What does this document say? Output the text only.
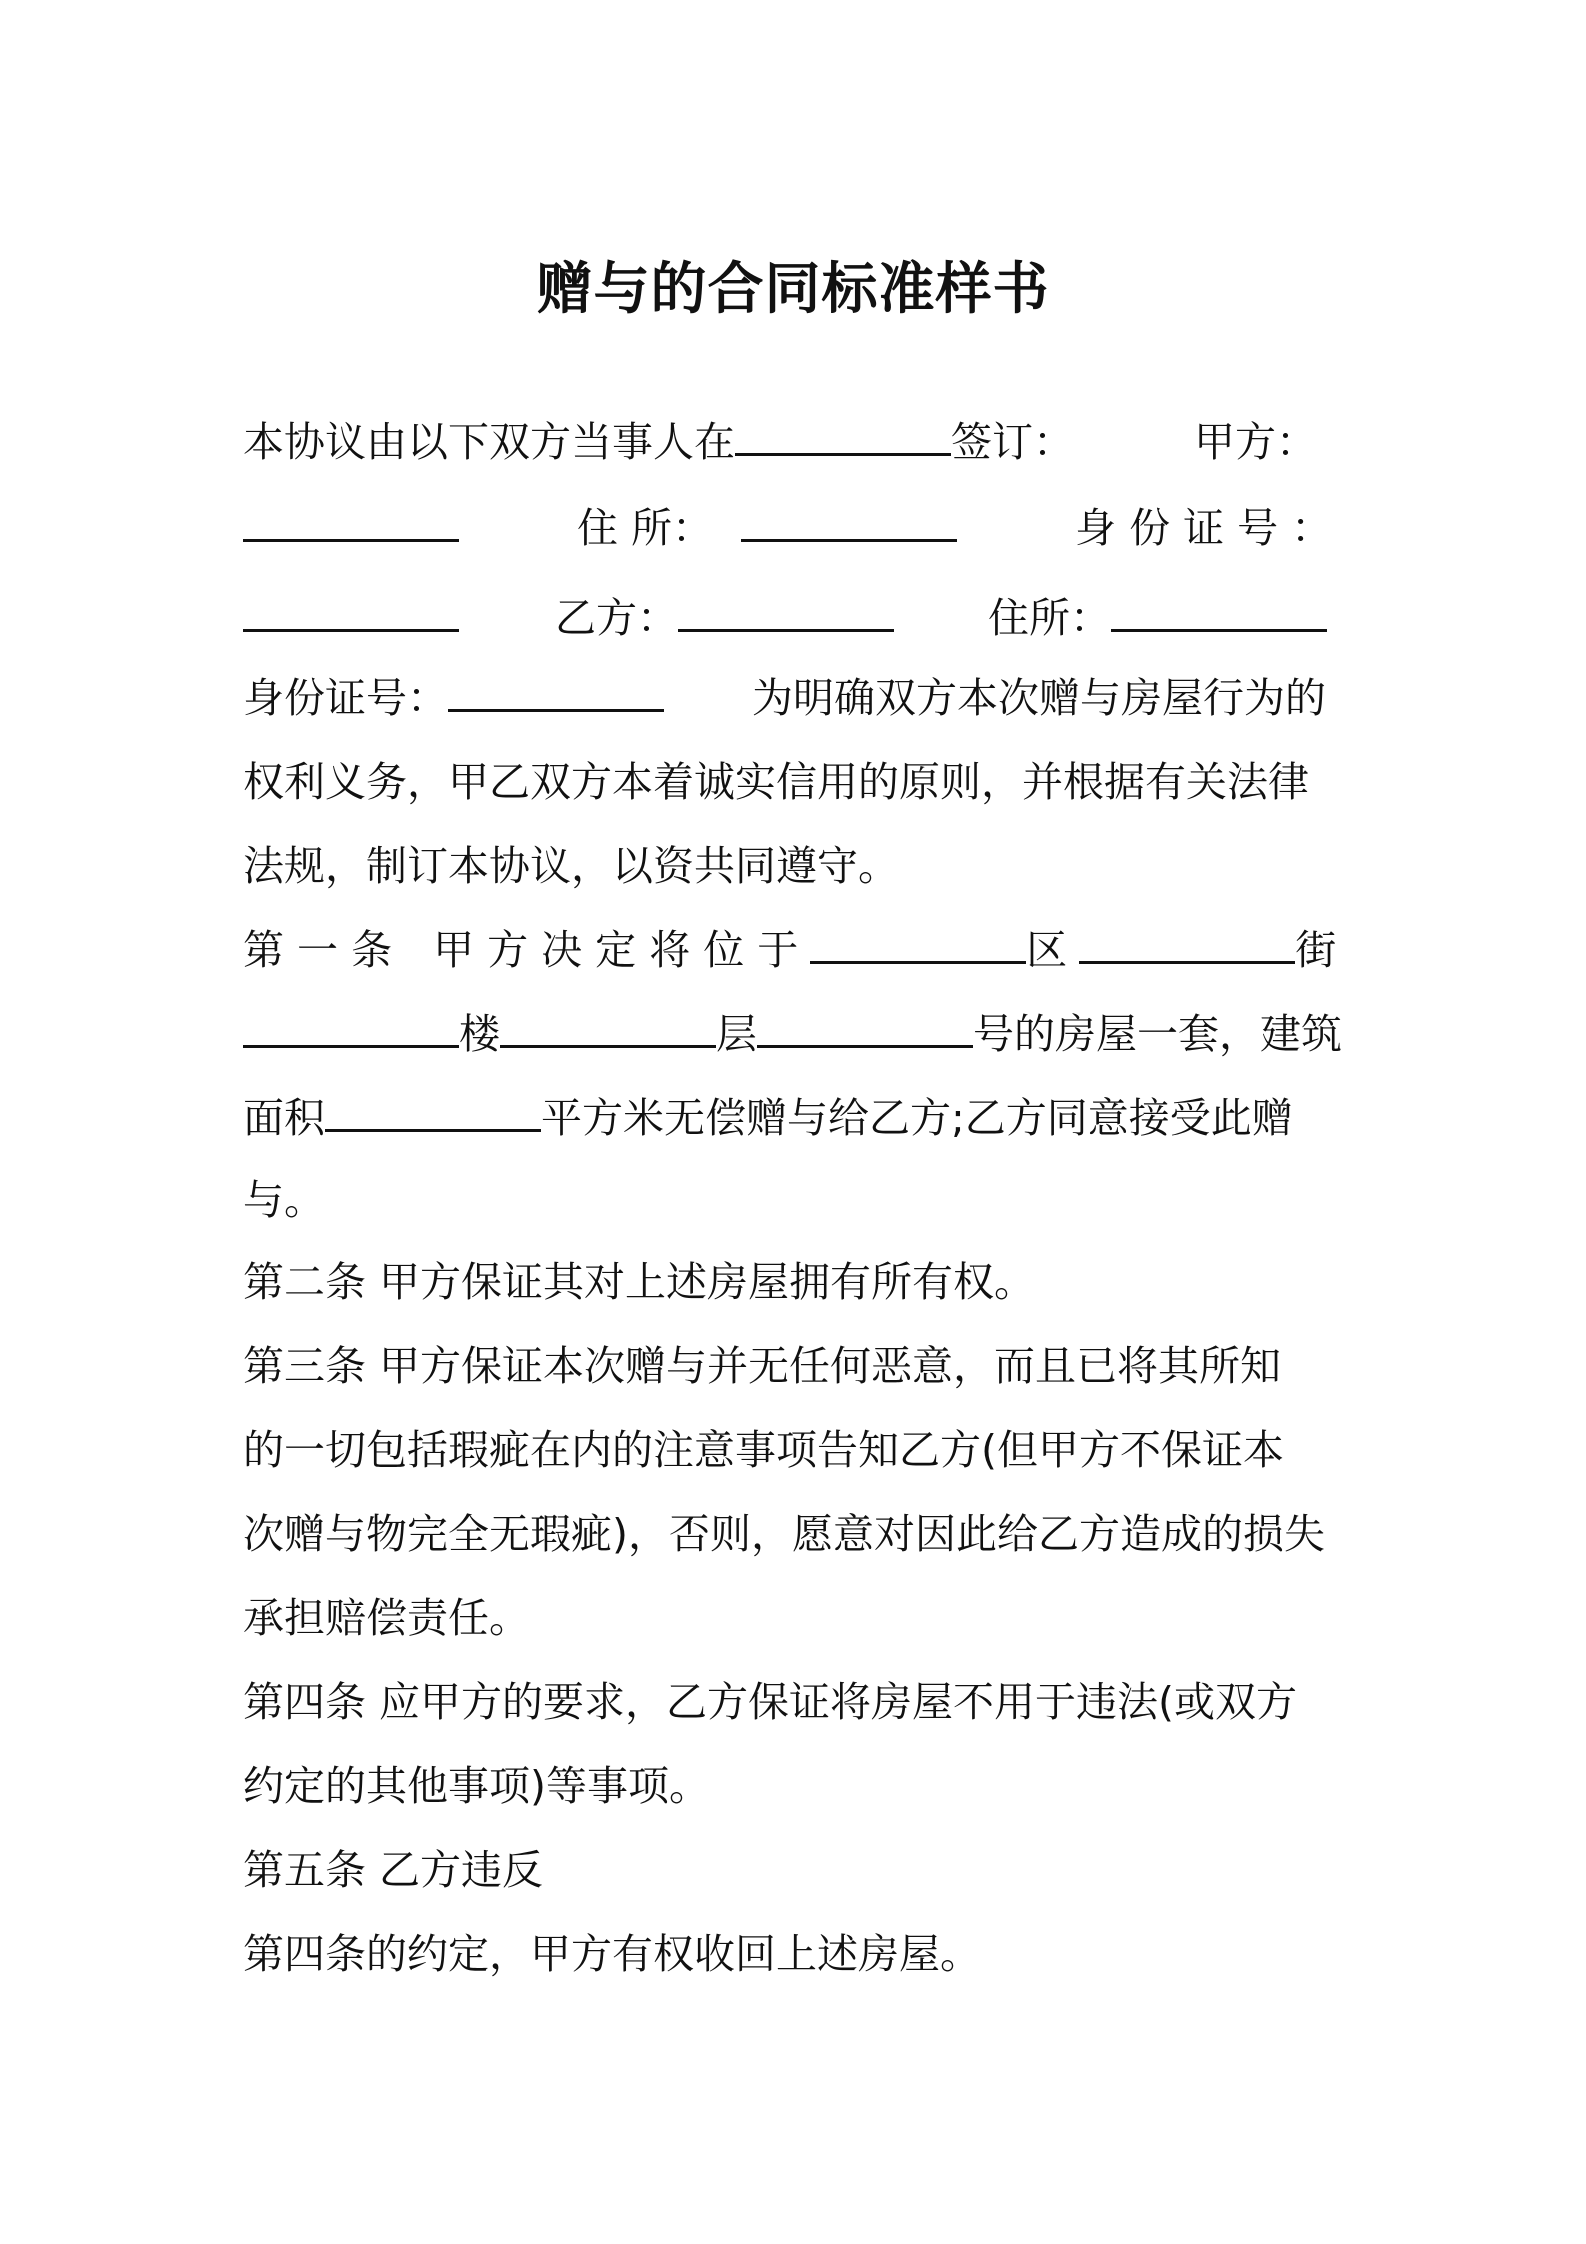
赠与的合同标准样书
本协议由以下双方当事人在	签订：	甲方：
住 所：	身 份 证 号 ：
乙方：	住所：
身份证号：	为明确双方本次赠与房屋行为的
权利义务，甲乙双方本着诚实信用的原则，并根据有关法律
法规，制订本协议，以资共同遵守。
第 一 条　甲 方 决 定 将 位 于	区	街
楼	层	号的房屋一套，建筑
面积	平方米无偿赠与给乙方;乙方同意接受此赠
与。
第二条 甲方保证其对上述房屋拥有所有权。
第三条 甲方保证本次赠与并无任何恶意，而且已将其所知
的一切包括瑕疵在内的注意事项告知乙方(但甲方不保证本
次赠与物完全无瑕疵)，否则，愿意对因此给乙方造成的损失
承担赔偿责任。
第四条 应甲方的要求，乙方保证将房屋不用于违法(或双方
约定的其他事项)等事项。
第五条 乙方违反
第四条的约定，甲方有权收回上述房屋。
